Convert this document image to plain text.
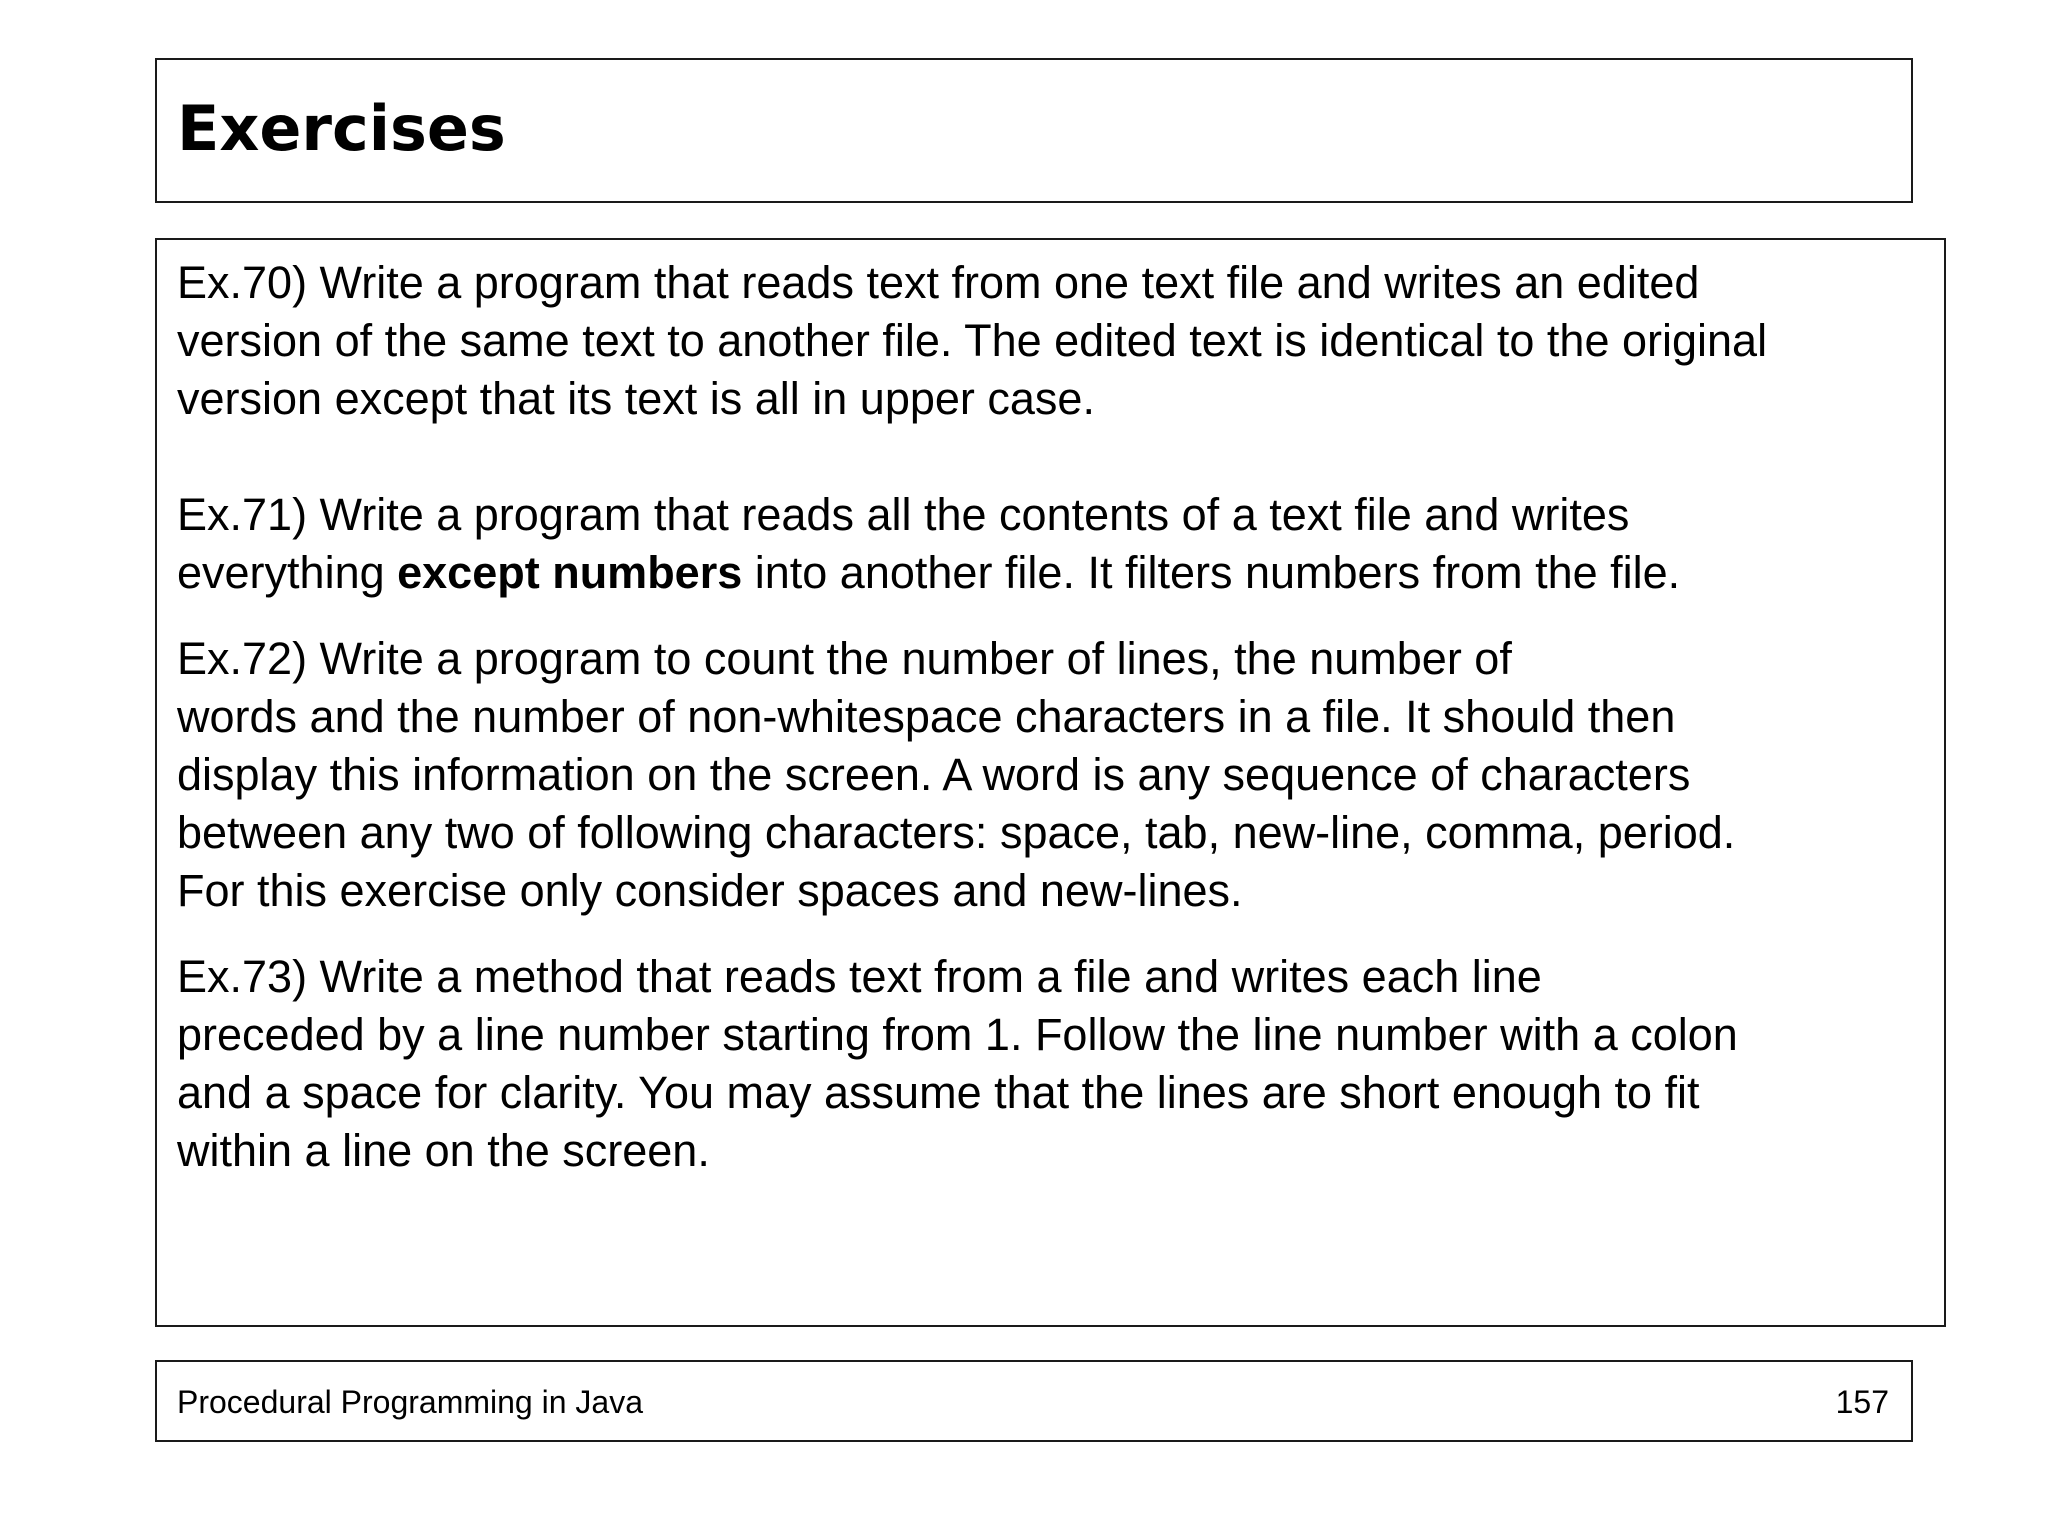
Exercises

Ex.70) Write a program that reads text from one text file and writes an edited

version of the same text to another file. The edited text is identical to the original

version except that its text is all in upper case.

Ex.71) Write a program that reads all the contents of a text file and writes

everything except numbers into another file. It filters numbers from the file.

Ex.72) Write a program to count the number of lines, the number of

words and the number of non-whitespace characters in a file. It should then

display this information on the screen. A word is any sequence of characters

between any two of following characters: space, tab, new-line, comma, period.

For this exercise only consider spaces and new-lines.

Ex.73) Write a method that reads text from a file and writes each line

preceded by a line number starting from 1. Follow the line number with a colon

and a space for clarity. You may assume that the lines are short enough to fit

within a line on the screen.

Procedural Programming in Java	157
